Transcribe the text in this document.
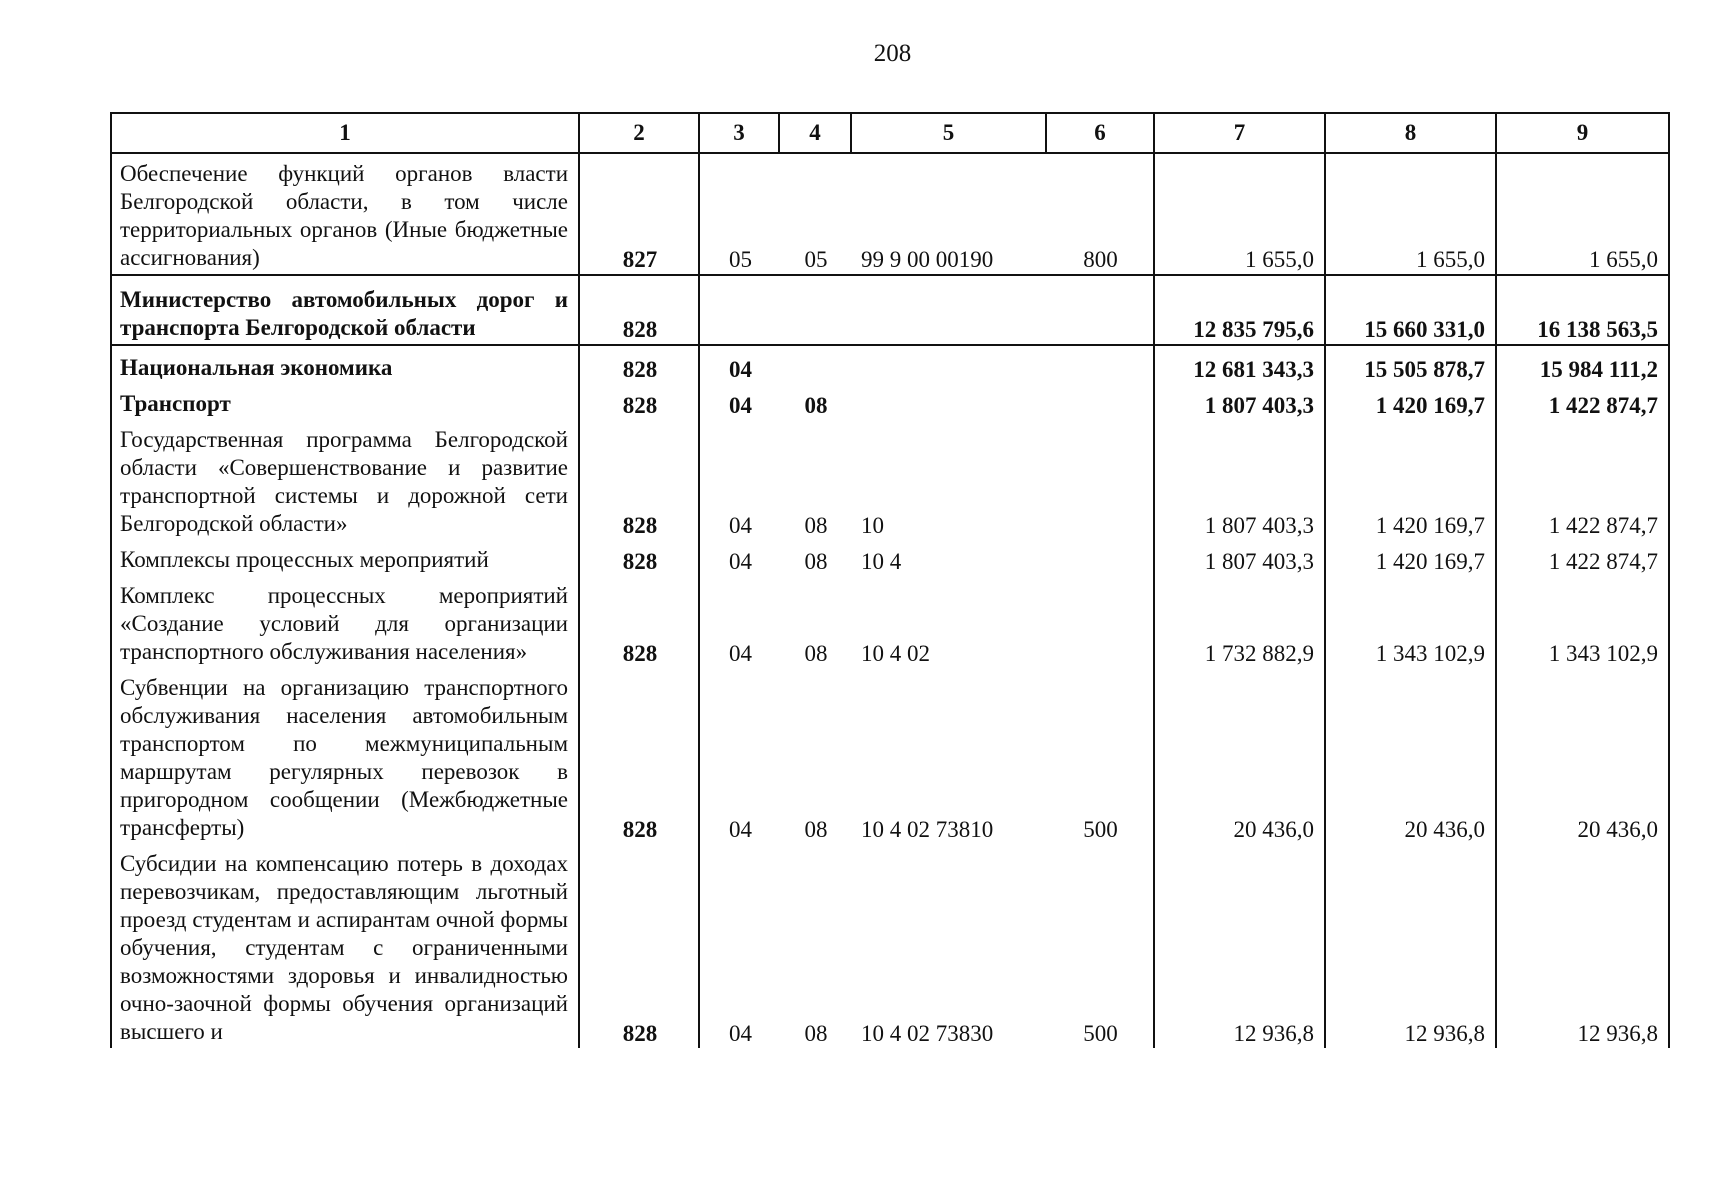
208
1	2	3	4	5	6	7	8	9
Обеспечение функций органов власти Белгородской области, в том числе территориальных органов (Иные бюджетные ассигнования)	827	05	05	99 9 00 00190	800	1 655,0	1 655,0	1 655,0
Министерство автомобильных дорог и транспорта Белгородской области	828					12 835 795,6	15 660 331,0	16 138 563,5
Национальная экономика	828	04				12 681 343,3	15 505 878,7	15 984 111,2
Транспорт	828	04	08			1 807 403,3	1 420 169,7	1 422 874,7
Государственная программа Белгородской области «Совершенствование и развитие транспортной системы и дорожной сети Белгородской области»	828	04	08	10		1 807 403,3	1 420 169,7	1 422 874,7
Комплексы процессных мероприятий	828	04	08	10 4		1 807 403,3	1 420 169,7	1 422 874,7
Комплекс процессных мероприятий «Создание условий для организации транспортного обслуживания населения»	828	04	08	10 4 02		1 732 882,9	1 343 102,9	1 343 102,9
Субвенции на организацию транспортного обслуживания населения автомобильным транспортом по межмуниципальным маршрутам регулярных перевозок в пригородном сообщении (Межбюджетные трансферты)	828	04	08	10 4 02 73810	500	20 436,0	20 436,0	20 436,0
Субсидии на компенсацию потерь в доходах перевозчикам, предоставляющим льготный проезд студентам и аспирантам очной формы обучения, студентам с ограниченными возможностями здоровья и инвалидностью очно-заочной формы обучения организаций высшего и	828	04	08	10 4 02 73830	500	12 936,8	12 936,8	12 936,8
